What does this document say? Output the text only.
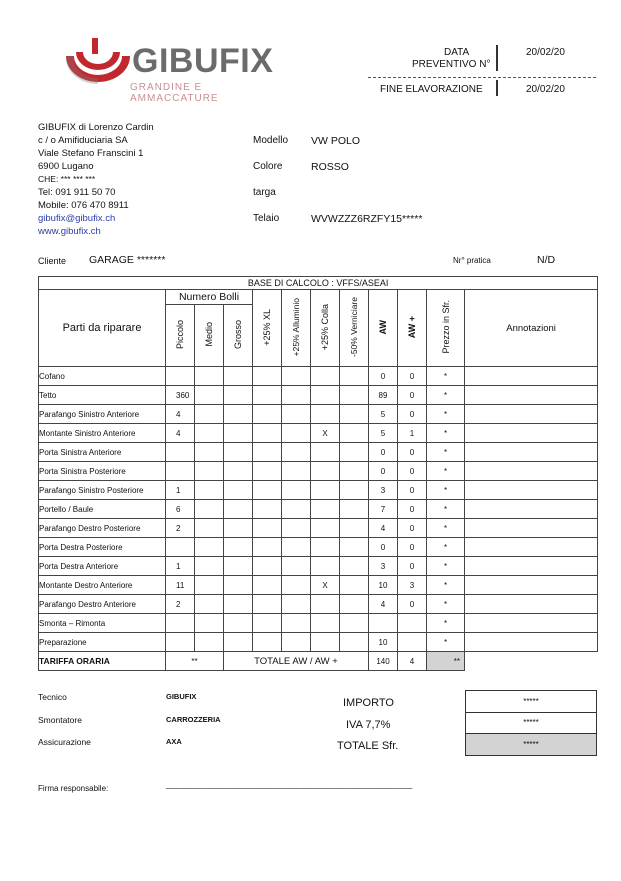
GIBUFIX
GRANDINE E AMMACCATURE
DATA
PREVENTIVO N°
20/02/20
FINE ELAVORAZIONE	20/02/20
GIBUFIX di Lorenzo Cardin
c / o Amifiduciaria SA
Viale Stefano Franscini 1
6900 Lugano
CHE: *** *** ***
Tel: 091 911 50 70
Mobile: 076 470 8911
gibufix@gibufix.ch
www.gibufix.ch
Modello VW POLO
Colore	ROSSO
targa
Telaio	WVWZZZ6RZFY15*****
Cliente GARAGE *******	Nr° pratica	N/D
BASE DI CALCOLO : VFFS/ASEAI											
Parti da riparare	Numero Bolli			+25% XL	+25% Alluminio	+25% Colla	-50% Verniciare	AW	AW +	Prezzo in Sfr.	Annotazioni
	Piccolo	Medio	Grosso								
Cofano								0	0	*	
Tetto	360							89	0	*	
Parafango Sinistro Anteriore	4							5	0	*	
Montante Sinistro Anteriore	4					X		5	1	*	
Porta Sinistra Anteriore								0	0	*	
Porta Sinistra Posteriore								0	0	*	
Parafango Sinistro Posteriore	1							3	0	*	
Portello / Baule	6							7	0	*	
Parafango Destro Posteriore	2							4	0	*	
Porta Destra Posteriore								0	0	*	
Porta Destra Anteriore	1							3	0	*	
Montante Destro Anteriore	11					X		10	3	*	
Parafango Destro Anteriore	2							4	0	*	
Smonta – Rimonta										*	
Preparazione								10		*	
TARIFFA ORARIA	**		TOTALE AW / AW +					140	4	**	
Tecnico	GIBUFIX
Smontatore	CARROZZERIA
Assicurazione	AXA
IMPORTO
IVA 7,7%
TOTALE Sfr.
*****
*****
*****
Firma responsabile:	_____________________________________________________
